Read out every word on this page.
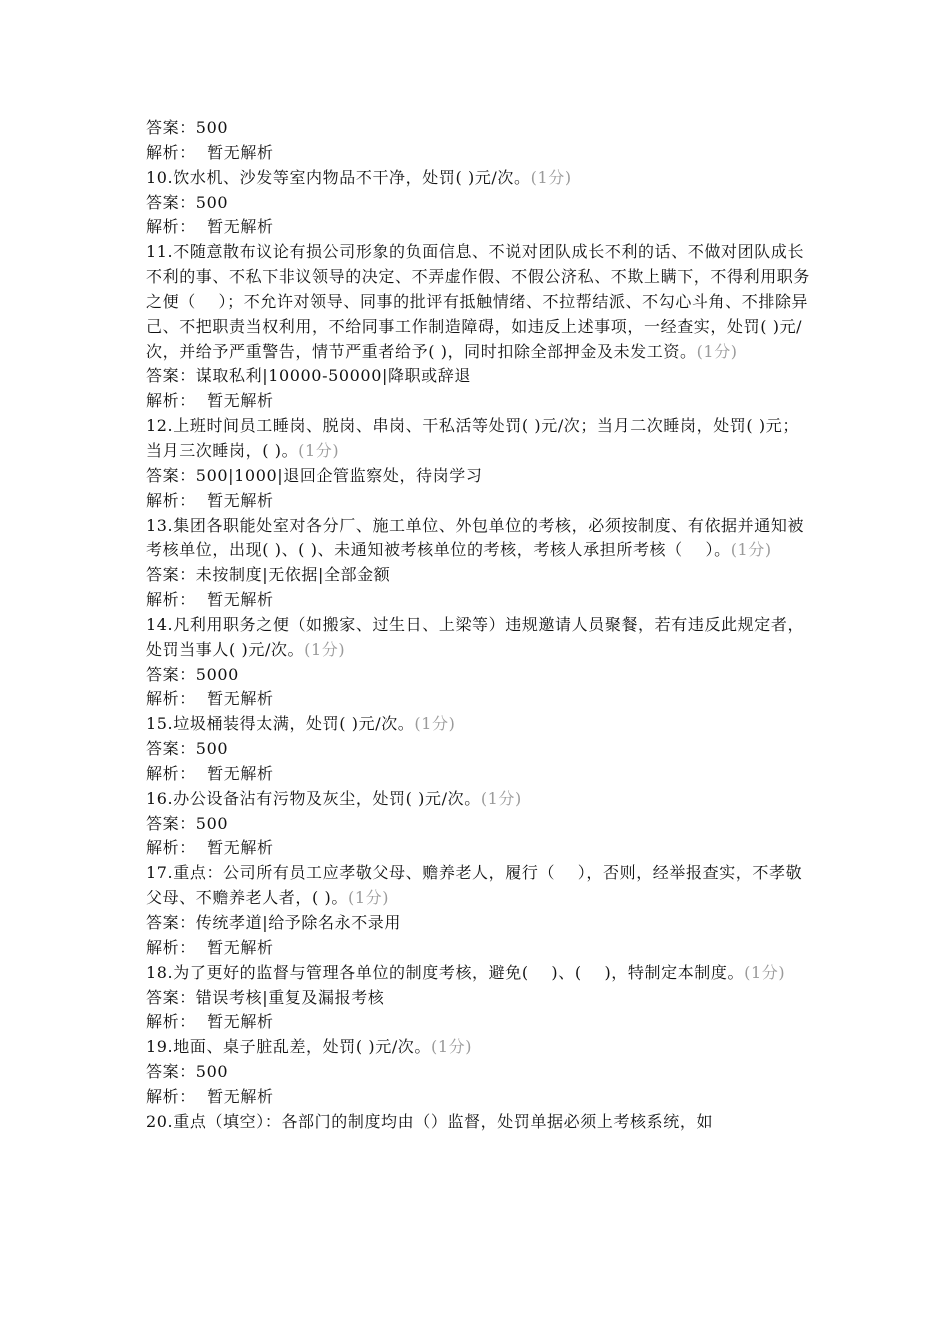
答案：500
解析：  暂无解析
10.饮水机、沙发等室内物品不干净，处罚( )元/次。(1分)
答案：500
解析：  暂无解析
11.不随意散布议论有损公司形象的负面信息、不说对团队成长不利的话、不做对团队成长不利的事、不私下非议领导的决定、不弄虚作假、不假公济私、不欺上瞒下，不得利用职务之便（    ）；不允许对领导、同事的批评有抵触情绪、不拉帮结派、不勾心斗角、不排除异己、不把职责当权利用，不给同事工作制造障碍，如违反上述事项，一经查实，处罚( )元/次，并给予严重警告，情节严重者给予( )，同时扣除全部押金及未发工资。(1分)
答案：谋取私利|10000-50000|降职或辞退
解析：  暂无解析
12.上班时间员工睡岗、脱岗、串岗、干私活等处罚( )元/次；当月二次睡岗，处罚( )元；当月三次睡岗，( )。(1分)
答案：500|1000|退回企管监察处，待岗学习
解析：  暂无解析
13.集团各职能处室对各分厂、施工单位、外包单位的考核，必须按制度、有依据并通知被考核单位，出现( )、( )、未通知被考核单位的考核，考核人承担所考核（    ）。(1分)
答案：未按制度|无依据|全部金额
解析：  暂无解析
14.凡利用职务之便（如搬家、过生日、上梁等）违规邀请人员聚餐，若有违反此规定者，处罚当事人( )元/次。(1分)
答案：5000
解析：  暂无解析
15.垃圾桶装得太满，处罚( )元/次。(1分)
答案：500
解析：  暂无解析
16.办公设备沾有污物及灰尘，处罚( )元/次。(1分)
答案：500
解析：  暂无解析
17.重点：公司所有员工应孝敬父母、赡养老人，履行（    ），否则，经举报查实，不孝敬父母、不赡养老人者，( )。(1分)
答案：传统孝道|给予除名永不录用
解析：  暂无解析
18.为了更好的监督与管理各单位的制度考核，避免(    )、(    )，特制定本制度。(1分)
答案：错误考核|重复及漏报考核
解析：  暂无解析
19.地面、桌子脏乱差，处罚( )元/次。(1分)
答案：500
解析：  暂无解析
20.重点（填空）：各部门的制度均由（）监督，处罚单据必须上考核系统，如
